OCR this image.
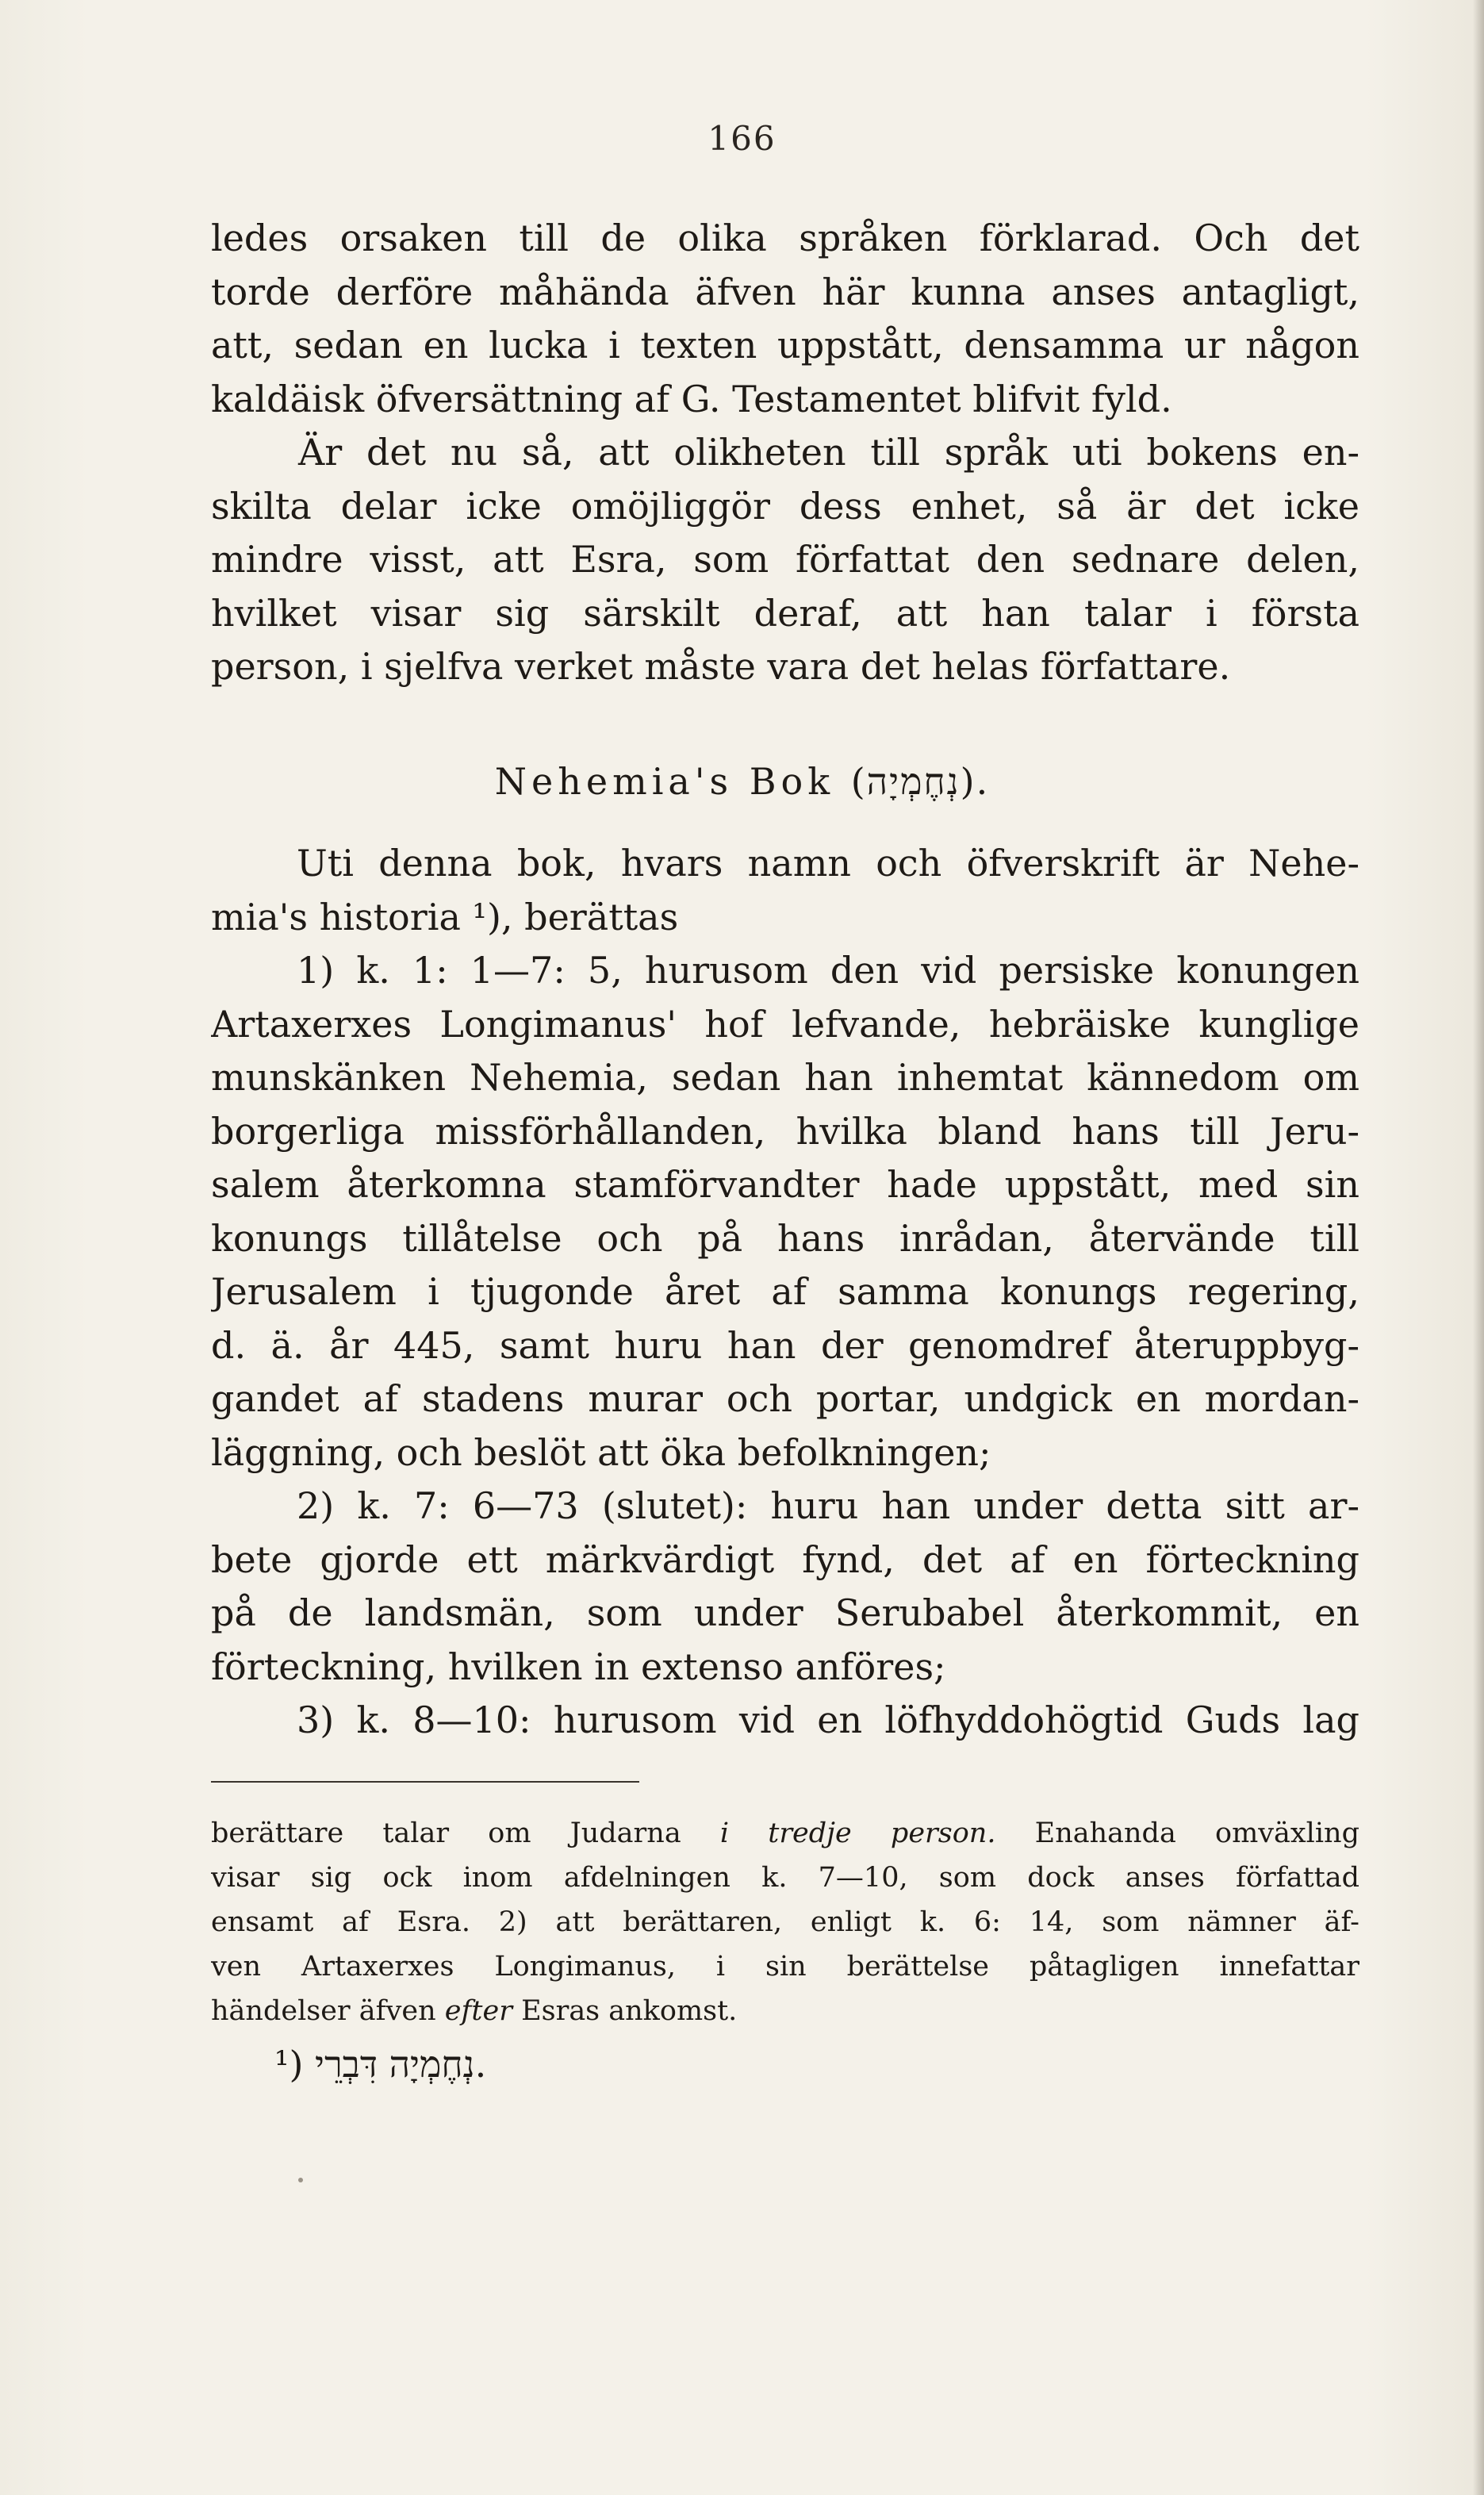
166
ledes orsaken till de olika språken förklarad. Och det
torde derföre måhända äfven här kunna anses antagligt,
att, sedan en lucka i texten uppstått, densamma ur någon
kaldäisk öfversättning af G. Testamentet blifvit fyld.
Är det nu så, att olikheten till språk uti bokens en-
skilta delar icke omöjliggör dess enhet, så är det icke
mindre visst, att Esra, som författat den sednare delen,
hvilket visar sig särskilt deraf, att han talar i första
person, i sjelfva verket måste vara det helas författare.
Nehemia's Bok (נְחֶמְיָה).
Uti denna bok, hvars namn och öfverskrift är Nehe-
mia's historia ¹), berättas
1) k. 1: 1—7: 5, hurusom den vid persiske konungen
Artaxerxes Longimanus' hof lefvande, hebräiske kunglige
munskänken Nehemia, sedan han inhemtat kännedom om
borgerliga missförhållanden, hvilka bland hans till Jeru-
salem återkomna stamförvandter hade uppstått, med sin
konungs tillåtelse och på hans inrådan, återvände till
Jerusalem i tjugonde året af samma konungs regering,
d. ä. år 445, samt huru han der genomdref återuppbyg-
gandet af stadens murar och portar, undgick en mordan-
läggning, och beslöt att öka befolkningen;
2) k. 7: 6—73 (slutet): huru han under detta sitt ar-
bete gjorde ett märkvärdigt fynd, det af en förteckning
på de landsmän, som under Serubabel återkommit, en
förteckning, hvilken in extenso anföres;
3) k. 8—10: hurusom vid en löfhyddohögtid Guds lag
berättare talar om Judarna i tredje person. Enahanda omväxling
visar sig ock inom afdelningen k. 7—10, som dock anses författad
ensamt af Esra. 2) att berättaren, enligt k. 6: 14, som nämner äf-
ven Artaxerxes Longimanus, i sin berättelse påtagligen innefattar
händelser äfven efter Esras ankomst.
¹) נְחֶמְיָה דִּבְרֵי.
